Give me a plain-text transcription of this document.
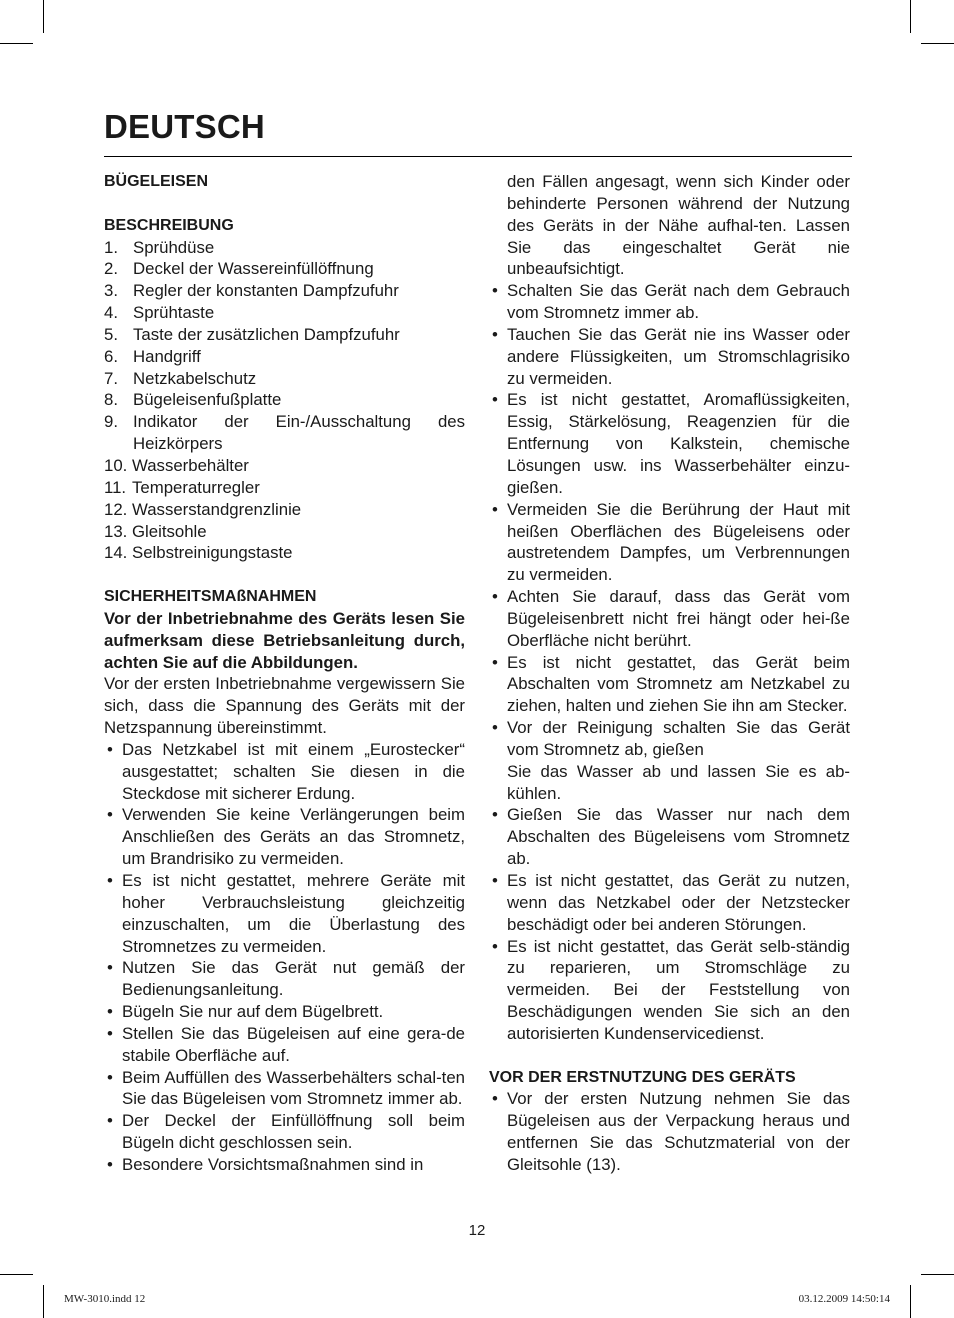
DEUTSCH

BÜGELEISEN

BESCHREIBUNG

1. Sprühdüse
2. Deckel der Wassereinfüllöffnung
3. Regler der konstanten Dampfzufuhr
4. Sprühtaste
5. Taste der zusätzlichen Dampfzufuhr
6. Handgriff
7. Netzkabelschutz
8. Bügeleisenfußplatte
9. Indikator der Ein-/Ausschaltung des Heizkörpers
10. Wasserbehälter
11. Temperaturregler
12. Wasserstandgrenzlinie
13. Gleitsohle
14. Selbstreinigungstaste

SICHERHEITSMAßNAHMEN

Vor der Inbetriebnahme des Geräts lesen Sie aufmerksam diese Betriebsanleitung durch, achten Sie auf die Abbildungen.

Vor der ersten Inbetriebnahme vergewissern Sie sich, dass die Spannung des Geräts mit der Netzspannung übereinstimmt.

• Das Netzkabel ist mit einem „Eurostecker“ ausgestattet; schalten Sie diesen in die Steckdose mit sicherer Erdung.
• Verwenden Sie keine Verlängerungen beim Anschließen des Geräts an das Stromnetz, um Brandrisiko zu vermeiden.
• Es ist nicht gestattet, mehrere Geräte mit hoher Verbrauchsleistung gleichzeitig einzuschalten, um die Überlastung des Stromnetzes zu vermeiden.
• Nutzen Sie das Gerät nut gemäß der Bedienungsanleitung.
• Bügeln Sie nur auf dem Bügelbrett.
• Stellen Sie das Bügeleisen auf eine gera-de stabile Oberfläche auf.
• Beim Auffüllen des Wasserbehälters schal-ten Sie das Bügeleisen vom Stromnetz immer ab.
• Der Deckel der Einfüllöffnung soll beim Bügeln dicht geschlossen sein.
• Besondere Vorsichtsmaßnahmen sind in

den Fällen angesagt, wenn sich Kinder oder behinderte Personen während der Nutzung des Geräts in der Nähe aufhal-ten. Lassen Sie das eingeschaltet Gerät nie unbeaufsichtigt.

• Schalten Sie das Gerät nach dem Gebrauch vom Stromnetz immer ab.
• Tauchen Sie das Gerät nie ins Wasser oder andere Flüssigkeiten, um Stromschlagrisiko zu vermeiden.
• Es ist nicht gestattet, Aromaflüssigkeiten, Essig, Stärkelösung, Reagenzien für die Entfernung von Kalkstein, chemische Lösungen usw. ins Wasserbehälter einzu-gießen.
• Vermeiden Sie die Berührung der Haut mit heißen Oberflächen des Bügeleisens oder austretendem Dampfes, um Verbrennungen zu vermeiden.
• Achten Sie darauf, dass das Gerät vom Bügeleisenbrett nicht frei hängt oder hei-ße Oberfläche nicht berührt.
• Es ist nicht gestattet, das Gerät beim Abschalten vom Stromnetz am Netzkabel zu ziehen, halten und ziehen Sie ihn am Stecker.
• Vor der Reinigung schalten Sie das Gerät vom Stromnetz ab, gießen
Sie das Wasser ab und lassen Sie es ab-kühlen.
• Gießen Sie das Wasser nur nach dem Abschalten des Bügeleisens vom Stromnetz ab.
• Es ist nicht gestattet, das Gerät zu nutzen, wenn das Netzkabel oder der Netzstecker beschädigt oder bei anderen Störungen.
• Es ist nicht gestattet, das Gerät selb-ständig zu reparieren, um Stromschläge zu vermeiden. Bei der Feststellung von Beschädigungen wenden Sie sich an den autorisierten Kundenservicedienst.

VOR DER ERSTNUTZUNG DES GERÄTS

• Vor der ersten Nutzung nehmen Sie das Bügeleisen aus der Verpackung heraus und entfernen Sie das Schutzmaterial von der Gleitsohle (13).
12
MW-3010.indd 12	03.12.2009 14:50:14
